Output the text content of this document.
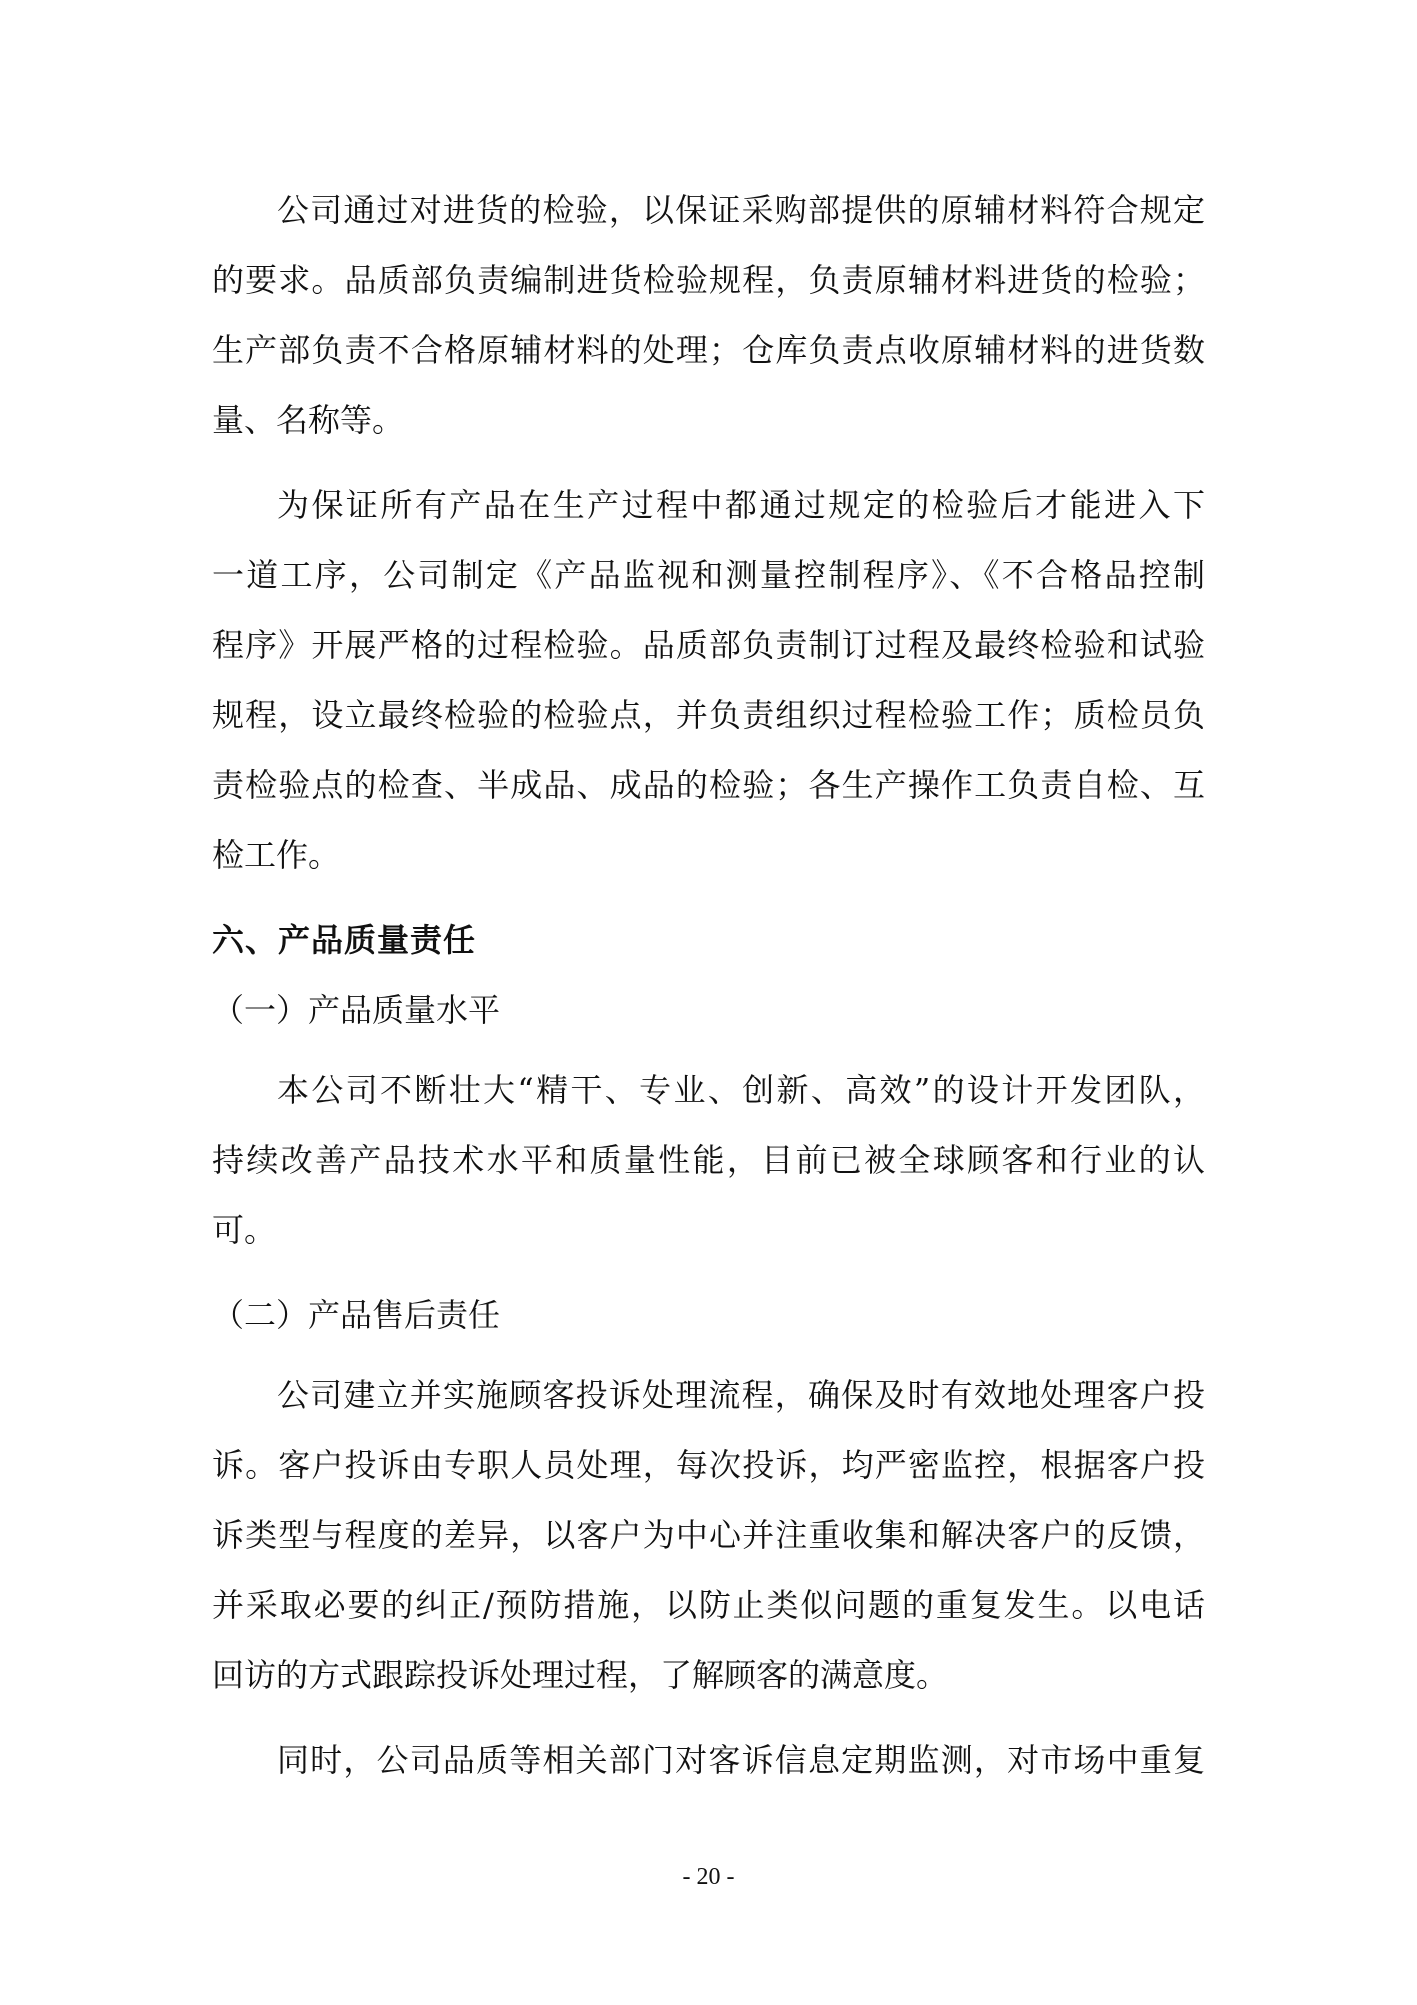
公司通过对进货的检验，以保证采购部提供的原辅材料符合规定
的要求。品质部负责编制进货检验规程，负责原辅材料进货的检验；
生产部负责不合格原辅材料的处理；仓库负责点收原辅材料的进货数
量、名称等。
为保证所有产品在生产过程中都通过规定的检验后才能进入下
一道工序，公司制定《产品监视和测量控制程序》、《不合格品控制
程序》开展严格的过程检验。品质部负责制订过程及最终检验和试验
规程，设立最终检验的检验点，并负责组织过程检验工作；质检员负
责检验点的检查、半成品、成品的检验；各生产操作工负责自检、互
检工作。
本公司不断壮大“精干、专业、创新、高效”的设计开发团队，
持续改善产品技术水平和质量性能，目前已被全球顾客和行业的认
可。
公司建立并实施顾客投诉处理流程，确保及时有效地处理客户投
诉。客户投诉由专职人员处理，每次投诉，均严密监控，根据客户投
诉类型与程度的差异，以客户为中心并注重收集和解决客户的反馈，
并采取必要的纠正/预防措施，以防止类似问题的重复发生。以电话
回访的方式跟踪投诉处理过程，了解顾客的满意度。
同时，公司品质等相关部门对客诉信息定期监测，对市场中重复
六、产品质量责任
（一）产品质量水平
（二）产品售后责任
- 20 -
